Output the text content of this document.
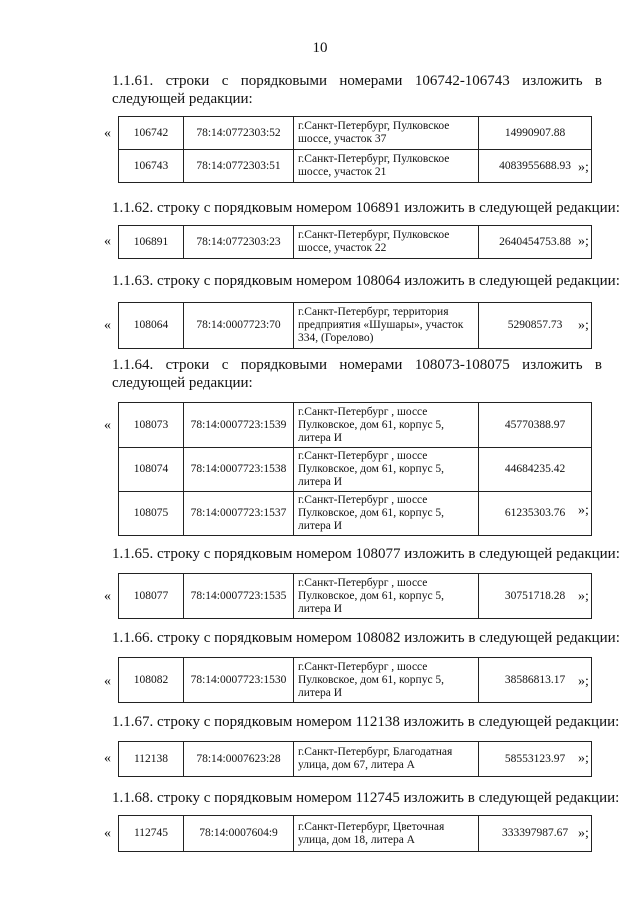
10
1.1.61. строки с порядковыми номерами 106742-106743 изложить в следующей редакции:
« 106742	78:14:0772303:52	г.Санкт-Петербург, Пулковское шоссе, участок 37	14990907.88
106743	78:14:0772303:51	г.Санкт-Петербург, Пулковское шоссе, участок 21	4083955688.93 »;
1.1.62. строку с порядковым номером 106891 изложить в следующей редакции:
« 106891	78:14:0772303:23	г.Санкт-Петербург, Пулковское шоссе, участок 22	2640454753.88 »;
1.1.63. строку с порядковым номером 108064 изложить в следующей редакции:
« 108064	78:14:0007723:70	г.Санкт-Петербург, территория предприятия «Шушары», участок 334, (Горелово)	5290857.73 »;
1.1.64. строки с порядковыми номерами 108073-108075 изложить в следующей редакции:
« 108073	78:14:0007723:1539	г.Санкт-Петербург , шоссе Пулковское, дом 61, корпус 5, литера И	45770388.97
108074	78:14:0007723:1538	г.Санкт-Петербург , шоссе Пулковское, дом 61, корпус 5, литера И	44684235.42
108075	78:14:0007723:1537	г.Санкт-Петербург , шоссе Пулковское, дом 61, корпус 5, литера И	61235303.76 »;
1.1.65. строку с порядковым номером 108077 изложить в следующей редакции:
« 108077	78:14:0007723:1535	г.Санкт-Петербург , шоссе Пулковское, дом 61, корпус 5, литера И	30751718.28 »;
1.1.66. строку с порядковым номером 108082 изложить в следующей редакции:
« 108082	78:14:0007723:1530	г.Санкт-Петербург , шоссе Пулковское, дом 61, корпус 5, литера И	38586813.17 »;
1.1.67. строку с порядковым номером 112138 изложить в следующей редакции:
« 112138	78:14:0007623:28	г.Санкт-Петербург, Благодатная улица, дом 67, литера А	58553123.97 »;
1.1.68. строку с порядковым номером 112745 изложить в следующей редакции:
« 112745	78:14:0007604:9	г.Санкт-Петербург, Цветочная улица, дом 18, литера А	333397987.67 »;
